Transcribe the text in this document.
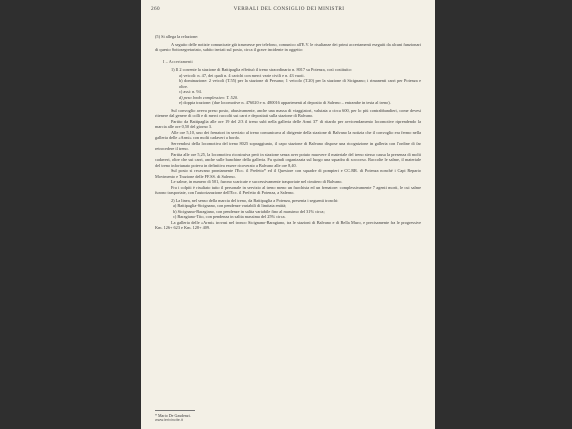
260	VERBALI DEL CONSIGLIO DEI MINISTRI

(5) Si allega la relazione:

A seguito delle notizie comunicate già trasmesse per telefono, comunico all'E.V. le risultanze dei primi accertamenti eseguiti da alcuni funzionari di questo Sottosegretariato, subito inviati sul posto, circa il grave incidente in oggetto:

I – Accertamenti

1) Il 2 corrente la stazione di Battipaglia effettuò il treno straordinario n. 8017 su Potenza, così costituito:

a) veicoli: n. 47, dei quali n. 4 carichi con merci varie civili e n. 43 vuoti.

b) dominazione: 2 veicoli (T.55) per la stazione di Persano; 1 veicolo (T.20) per la stazione di Sicignano; i rimanenti carri per Potenza e oltre.

c) assi: n. 94.

d) peso lordo complessivo: T. 520.

e) doppia trazione: (due locomotive n. 476020 e n. 480016 appartenenti al deposito di Salerno – entrambe in testa al treno).

Sul convoglio aveva preso posto, abusivamente, anche una massa di viaggiatori, valutata a circa 600, per lo più contrabbandieri, come devesi ritenere dal genere di colli e di merci raccolti sui carri e depositati sulla stazione di Balvano.

Partito da Battipaglia alle ore 19 del 2/3 il treno subì nella galleria delle Armi 37' di ritardo per avvicendamento locomotive riprendendo la marcia alle ore 0,50 del giorno 3.

Alle ore 5,10, uno dei frenatori in servizio al treno comunicava al dirigente della stazione di Balvano la notizia che il convoglio era fermo nella galleria delle «Armi» con molti cadaveri a bordo.

Servendosi della locomotiva del treno 8025 sopraggiunto, il capo stazione di Balvano dispose una ricognizione in galleria con l'ordine di far retrocedere il treno.

Partita alle ore 5,25, la locomotiva ricostruiva però in stazione senza aver potuto muovere il materiale del treno stesso causa la presenza di molti cadaveri, oltre che sui carri, anche sulle banchine della galleria. Fu quindi organizzata sul luogo una squadra di soccorso. Raccolte le salme, il materiale del treno infortunato poteva in definitiva essere ricoverato a Balvano alle ore 8,40.

Sul posto si recavano prontamente l'Ecc. il Prefetto* ed il Questore con squadre di pompieri e CC.RR. di Potenza nonché i Capi Reparto Movimento e Trazione delle FF.SS. di Salerno.

Le salme, in numero di 501, furono scaricate e successivamente trasportate nel cimitero di Balvano.

Fra i colpiti è risultato tutto il personale in servizio al treno meno un fuochista ed un frenatore: complessivamente 7 agenti morti, le cui salme furono trasportate, con l'autorizzazione dell'Ecc. il Prefetto di Potenza, a Salerno.

2) La linea, nel senso della marcia del treno, da Battipaglia a Potenza, presenta i seguenti tronchi:

a) Battipaglia-Sicignano, con pendenze variabili di limitata entità;

b) Sicignano-Baragiano, con pendenze in salita variabile fino al massimo del 31% circa;

c) Baragiano-Tito, con pendenza in salita massima del 25% circa.

La galleria delle «Armi» trovasi nel tronco Sicignano-Baragiano, tra le stazioni di Balvano e di Bella Muro, e precisamente fra le progressive Km. 126+ 623 e Km. 128+ 409.

* Mario De Gaudenzi.
www.lerivincite.it
